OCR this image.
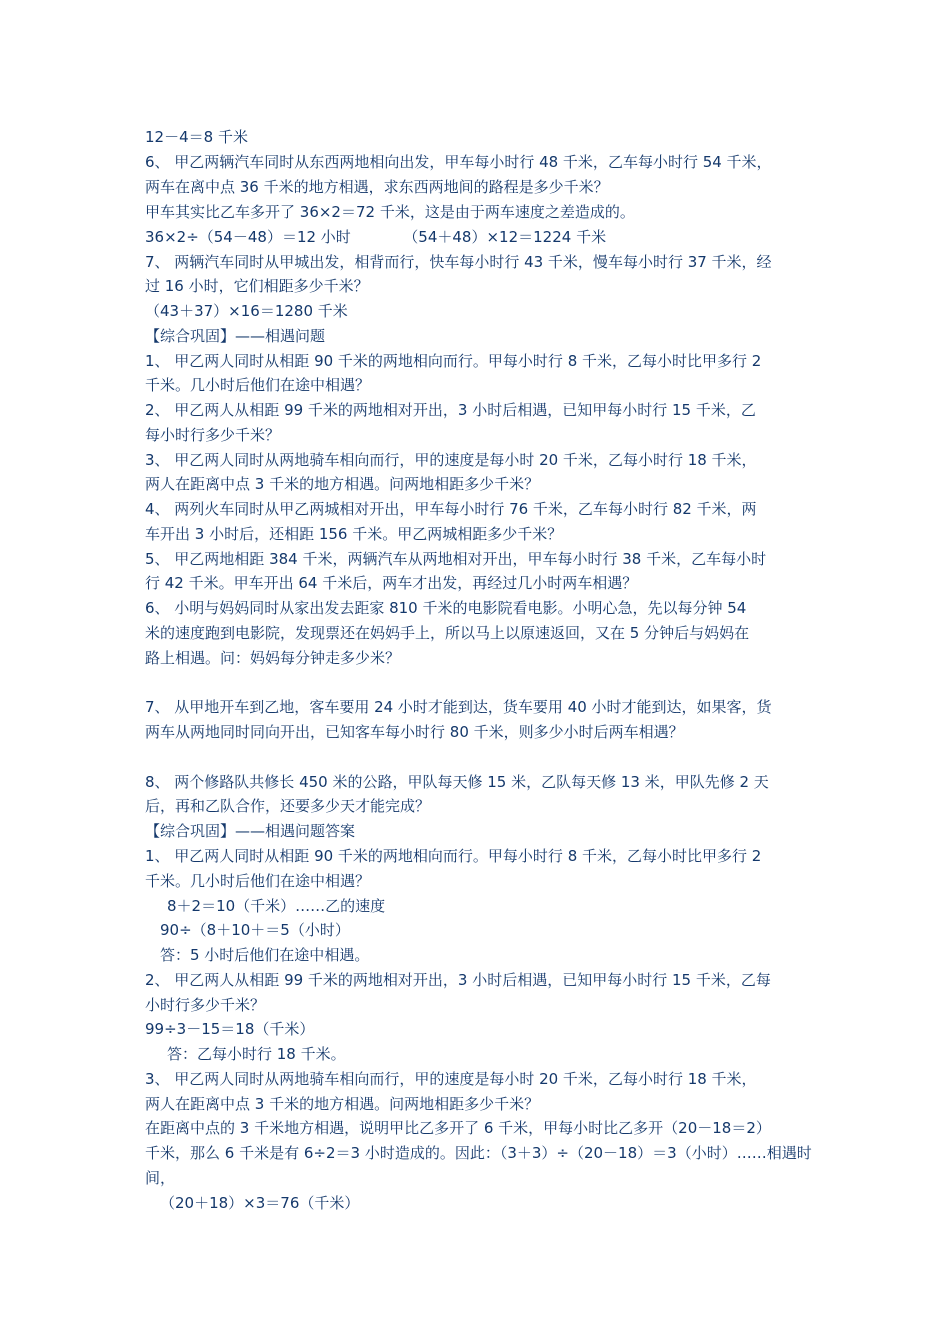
12－4＝8 千米
6、 甲乙两辆汽车同时从东西两地相向出发，甲车每小时行 48 千米，乙车每小时行 54 千米，
两车在离中点 36 千米的地方相遇，求东西两地间的路程是多少千米？
甲车其实比乙车多开了 36×2＝72 千米，这是由于两车速度之差造成的。
36×2÷（54－48）＝12 小时　　　　（54＋48）×12＝1224 千米
7、 两辆汽车同时从甲城出发，相背而行，快车每小时行 43 千米，慢车每小时行 37 千米，经
过 16 小时，它们相距多少千米？
（43＋37）×16＝1280 千米
【综合巩固】——相遇问题
1、 甲乙两人同时从相距 90 千米的两地相向而行。甲每小时行 8 千米，乙每小时比甲多行 2
千米。几小时后他们在途中相遇？
2、 甲乙两人从相距 99 千米的两地相对开出，3 小时后相遇，已知甲每小时行 15 千米，乙
每小时行多少千米？
3、 甲乙两人同时从两地骑车相向而行，甲的速度是每小时 20 千米，乙每小时行 18 千米，
两人在距离中点 3 千米的地方相遇。问两地相距多少千米？
4、 两列火车同时从甲乙两城相对开出，甲车每小时行 76 千米，乙车每小时行 82 千米，两
车开出 3 小时后，还相距 156 千米。甲乙两城相距多少千米？
5、 甲乙两地相距 384 千米，两辆汽车从两地相对开出，甲车每小时行 38 千米，乙车每小时
行 42 千米。甲车开出 64 千米后，两车才出发，再经过几小时两车相遇？
6、 小明与妈妈同时从家出发去距家 810 千米的电影院看电影。小明心急，先以每分钟 54
米的速度跑到电影院，发现票还在妈妈手上，所以马上以原速返回，又在 5 分钟后与妈妈在
路上相遇。问：妈妈每分钟走多少米？
7、 从甲地开车到乙地，客车要用 24 小时才能到达，货车要用 40 小时才能到达，如果客，货
两车从两地同时同向开出，已知客车每小时行 80 千米，则多少小时后两车相遇？
8、 两个修路队共修长 450 米的公路，甲队每天修 15 米，乙队每天修 13 米，甲队先修 2 天
后，再和乙队合作，还要多少天才能完成？
【综合巩固】——相遇问题答案
1、 甲乙两人同时从相距 90 千米的两地相向而行。甲每小时行 8 千米，乙每小时比甲多行 2
千米。几小时后他们在途中相遇？
8＋2＝10（千米）……乙的速度
90÷（8＋10＋＝5（小时）
答：5 小时后他们在途中相遇。
2、 甲乙两人从相距 99 千米的两地相对开出，3 小时后相遇，已知甲每小时行 15 千米，乙每
小时行多少千米？
99÷3－15＝18（千米）
答：乙每小时行 18 千米。
3、 甲乙两人同时从两地骑车相向而行，甲的速度是每小时 20 千米，乙每小时行 18 千米，
两人在距离中点 3 千米的地方相遇。问两地相距多少千米？
在距离中点的 3 千米地方相遇，说明甲比乙多开了 6 千米，甲每小时比乙多开（20－18＝2）
千米，那么 6 千米是有 6÷2＝3 小时造成的。因此：（3＋3）÷（20－18）＝3（小时）……相遇时
间，
（20＋18）×3＝76（千米）
